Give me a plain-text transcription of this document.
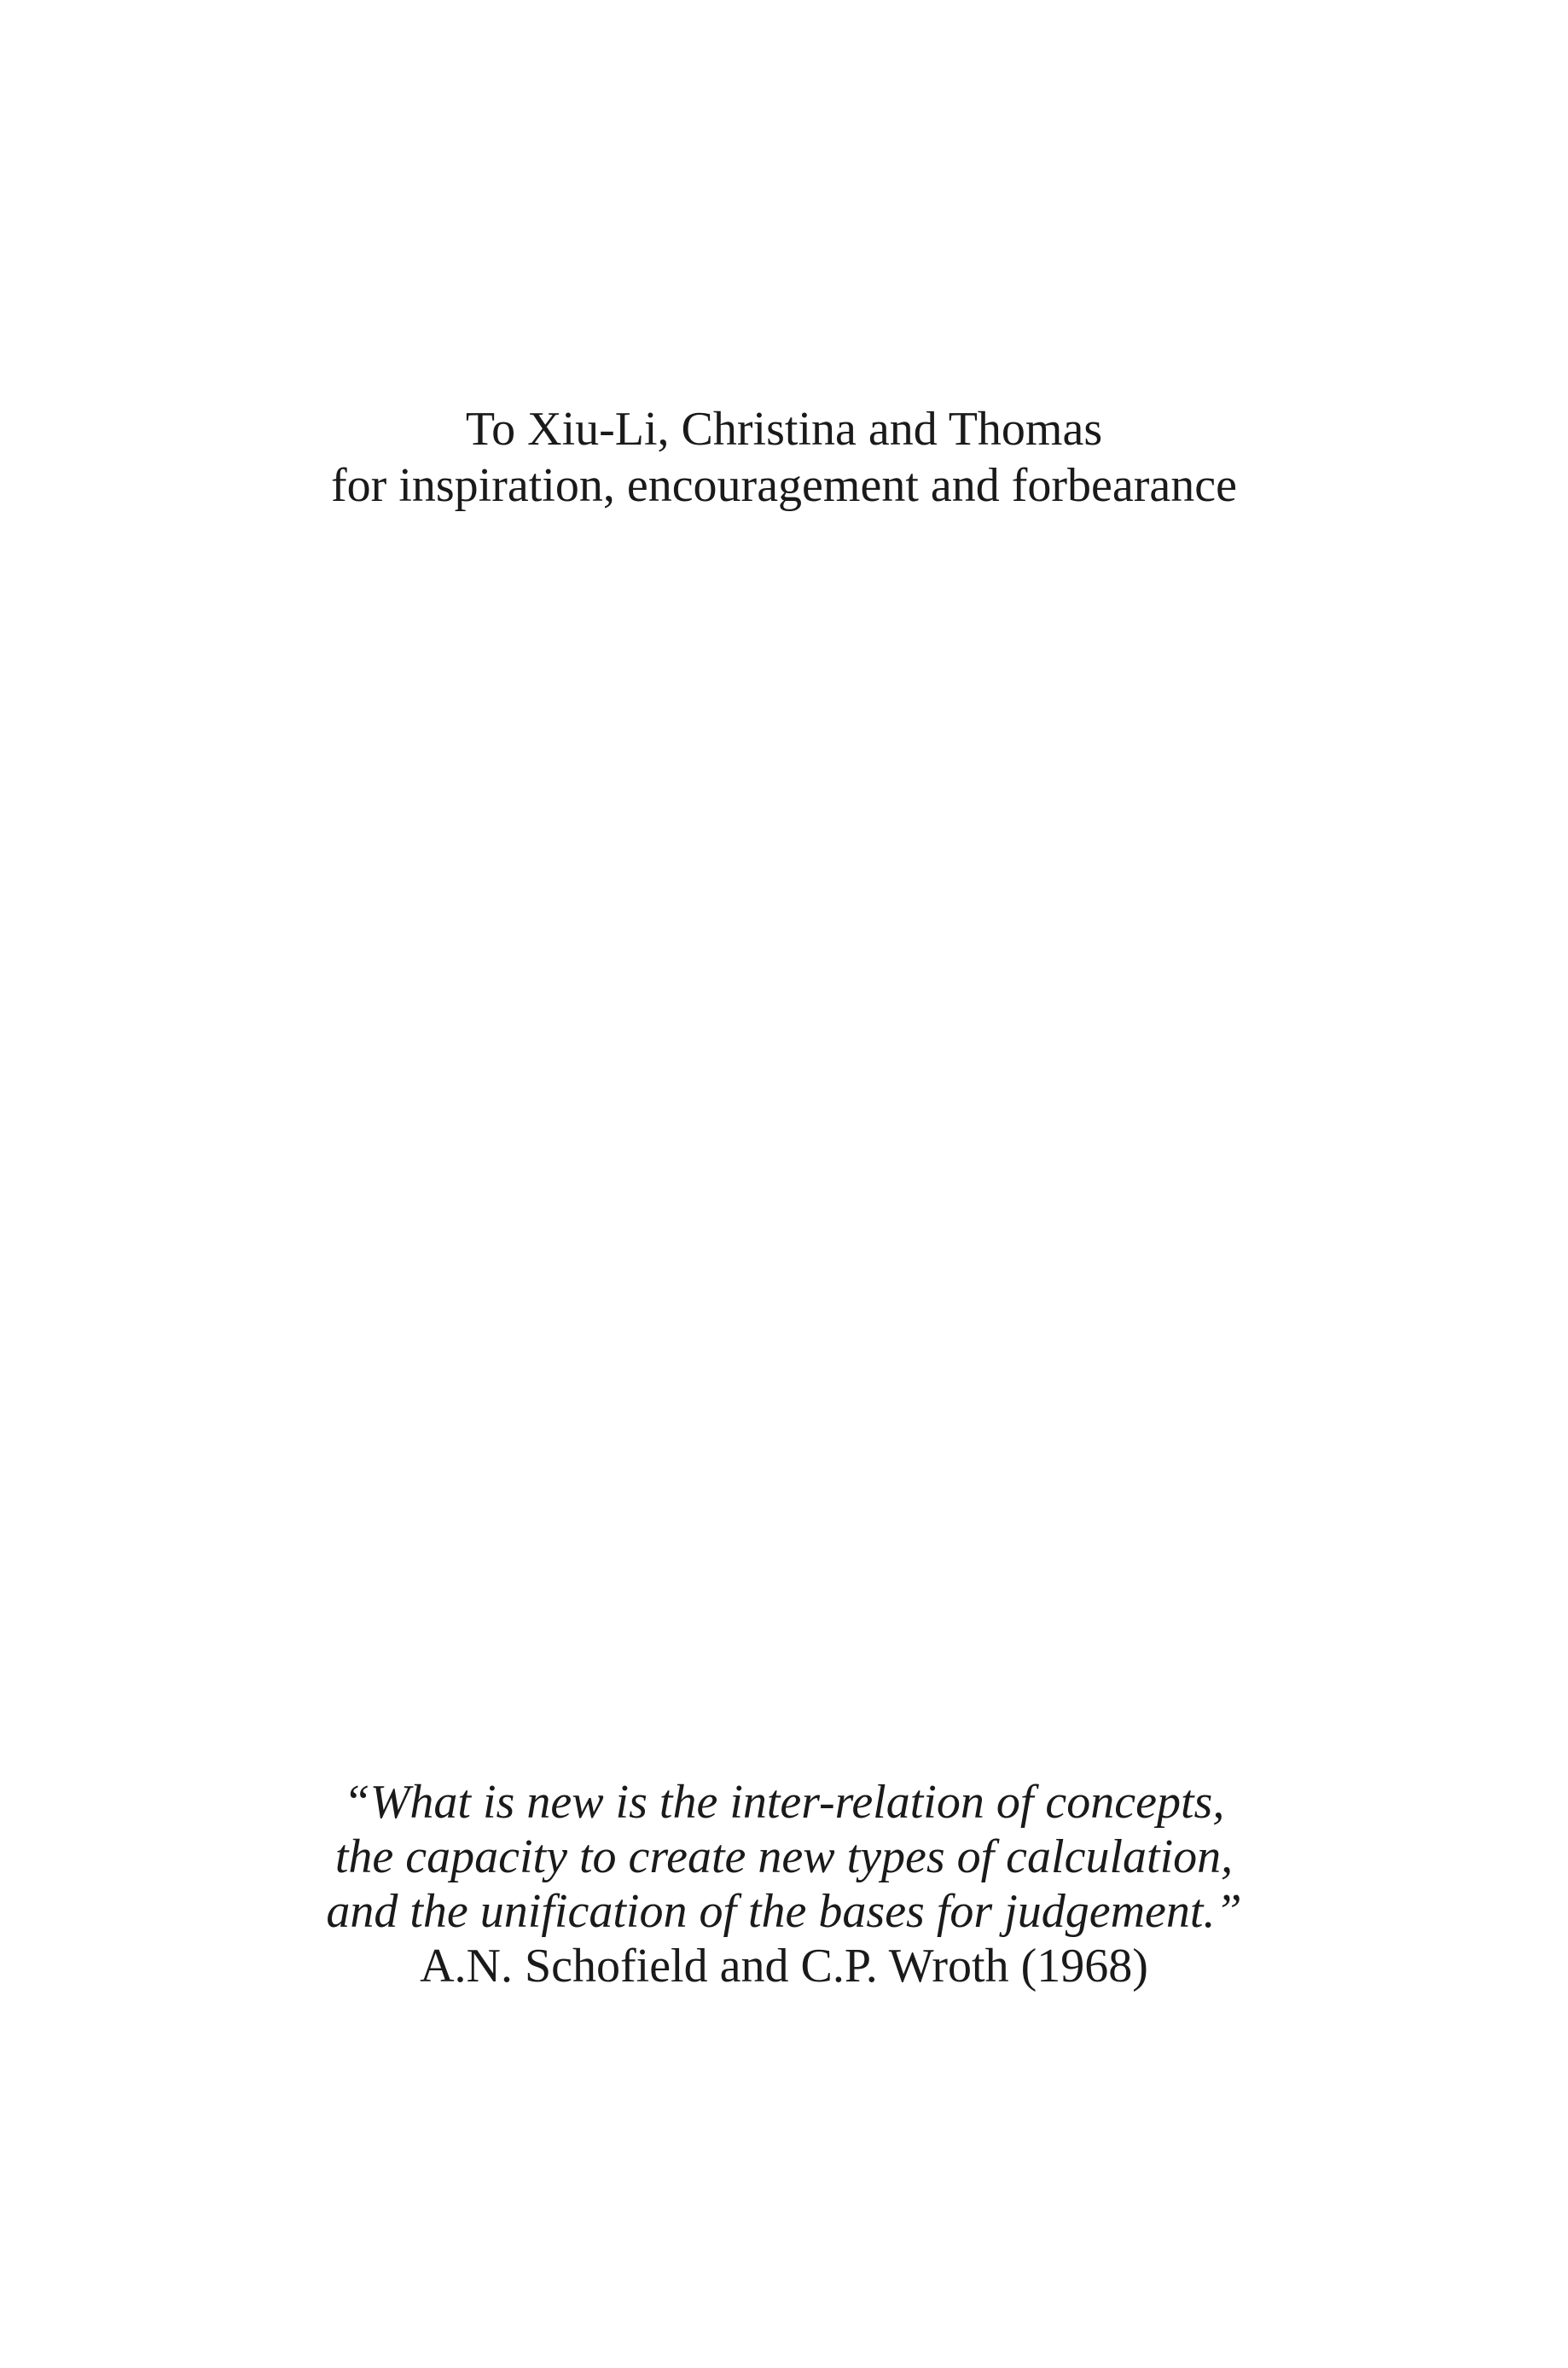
To Xiu-Li, Christina and Thomas
for inspiration, encouragement and forbearance
“What is new is the inter-relation of concepts,
the capacity to create new types of calculation,
and the unification of the bases for judgement.”
A.N. Schofield and C.P. Wroth (1968)
